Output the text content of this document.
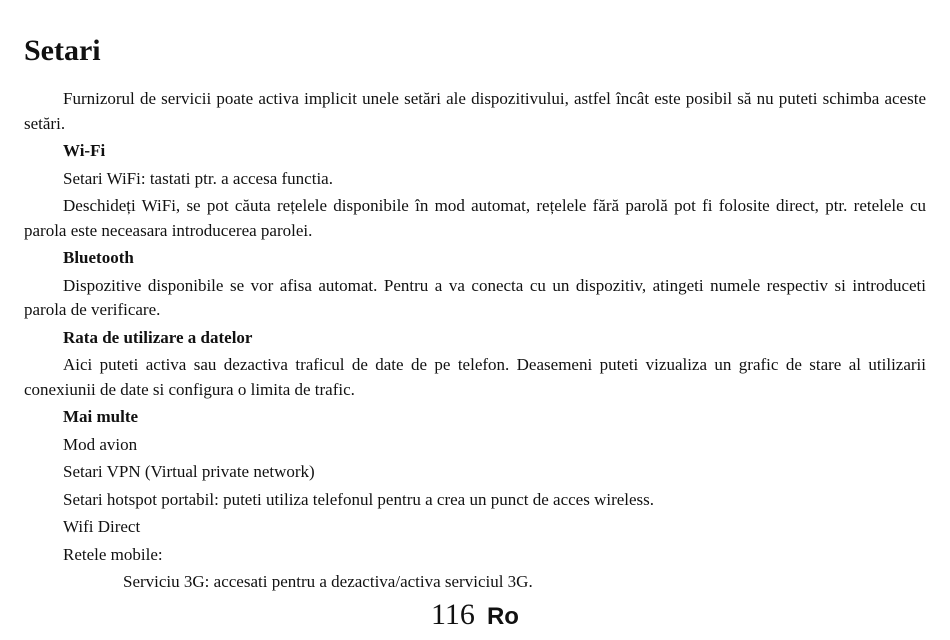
Setari

Furnizorul de servicii poate activa implicit unele setări ale dispozitivului, astfel încât este posibil să nu puteti schimba aceste setări.

Wi-Fi
Setari WiFi: tastati ptr. a accesa functia.

Deschideți WiFi, se pot căuta rețelele disponibile în mod automat, rețelele fără parolă pot fi folosite direct, ptr. retelele cu parola este neceasara introducerea parolei.

Bluetooth

Dispozitive disponibile se vor afisa automat. Pentru a va conecta cu un dispozitiv, atingeti numele respectiv si introduceti parola de verificare.

Rata de utilizare a datelor

Aici puteti activa sau dezactiva traficul de date de pe telefon. Deasemeni puteti vizualiza un grafic de stare al utilizarii conexiunii de date si configura o limita de trafic.

Mai multe
Mod avion
Setari VPN (Virtual private network)
Setari hotspot portabil: puteti utiliza telefonul pentru a crea un punct de acces wireless.
Wifi Direct
Retele mobile:
Serviciu 3G: accesati pentru a dezactiva/activa serviciul 3G.
116 Ro
